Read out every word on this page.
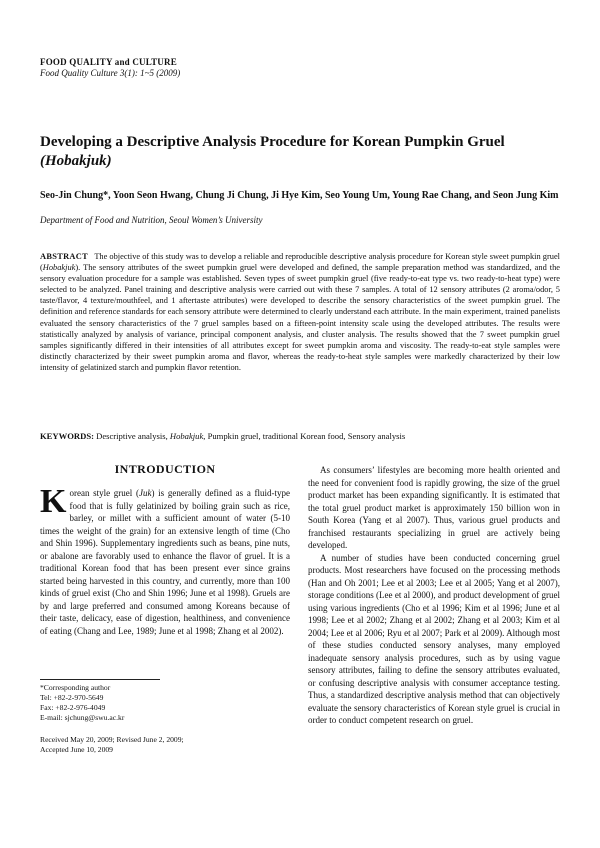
FOOD QUALITY and CULTURE
Food Quality Culture 3(1): 1~5 (2009)
Developing a Descriptive Analysis Procedure for Korean Pumpkin Gruel
(Hobakjuk)
Seo-Jin Chung*, Yoon Seon Hwang, Chung Ji Chung, Ji Hye Kim, Seo Young Um, Young Rae Chang, and Seon Jung Kim
Department of Food and Nutrition, Seoul Women’s University
ABSTRACT The objective of this study was to develop a reliable and reproducible descriptive analysis procedure for Korean style sweet pumpkin gruel (Hobakjuk). The sensory attributes of the sweet pumpkin gruel were developed and defined, the sample preparation method was standardized, and the sensory evaluation procedure for a sample was established. Seven types of sweet pumpkin gruel (five ready-to-eat type vs. two ready-to-heat type) were selected to be analyzed. Panel training and descriptive analysis were carried out with these 7 samples. A total of 12 sensory attributes (2 aroma/odor, 5 taste/flavor, 4 texture/mouthfeel, and 1 aftertaste attributes) were developed to describe the sensory characteristics of the sweet pumpkin gruel. The definition and reference standards for each sensory attribute were determined to clearly understand each attribute. In the main experiment, trained panelists evaluated the sensory characteristics of the 7 gruel samples based on a fifteen-point intensity scale using the developed attributes. The results were statistically analyzed by analysis of variance, principal component analysis, and cluster analysis. The results showed that the 7 sweet pumpkin gruel samples significantly differed in their intensities of all attributes except for sweet pumpkin aroma and viscosity. The ready-to-eat style samples were distinctly characterized by their sweet pumpkin aroma and flavor, whereas the ready-to-heat style samples were markedly characterized by their low intensity of gelatinized starch and pumpkin flavor retention.
KEYWORDS: Descriptive analysis, Hobakjuk, Pumpkin gruel, traditional Korean food, Sensory analysis
INTRODUCTION
Korean style gruel (Juk) is generally defined as a fluid-type food that is fully gelatinized by boiling grain such as rice, barley, or millet with a sufficient amount of water (5-10 times the weight of the grain) for an extensive length of time (Cho and Shin 1996). Supplementary ingredients such as beans, pine nuts, or abalone are favorably used to enhance the flavor of gruel. It is a traditional Korean food that has been present ever since grains started being harvested in this country, and currently, more than 100 kinds of gruel exist (Cho and Shin 1996; June et al 1998). Gruels are by and large preferred and consumed among Koreans because of their taste, delicacy, ease of digestion, healthiness, and convenience of eating (Chang and Lee, 1989; June et al 1998; Zhang et al 2002).
*Corresponding author
Tel: +82-2-970-5649
Fax: +82-2-976-4049
E-mail: sjchung@swu.ac.kr
Received May 20, 2009; Revised June 2, 2009;
Accepted June 10, 2009

As consumers’ lifestyles are becoming more health oriented and the need for convenient food is rapidly growing, the size of the gruel product market has been expanding significantly. It is estimated that the total gruel product market is approximately 150 billion won in South Korea (Yang et al 2007). Thus, various gruel products and franchised restaurants specializing in gruel are actively being developed.

A number of studies have been conducted concerning gruel products. Most researchers have focused on the processing methods (Han and Oh 2001; Lee et al 2003; Lee et al 2005; Yang et al 2007), storage conditions (Lee et al 2000), and product development of gruel using various ingredients (Cho et al 1996; Kim et al 1996; June et al 1998; Lee et al 2002; Zhang et al 2002; Zhang et al 2003; Kim et al 2004; Lee et al 2006; Ryu et al 2007; Park et al 2009). Although most of these studies conducted sensory analyses, many employed inadequate sensory analysis procedures, such as by using vague sensory attributes, failing to define the sensory attributes evaluated, or confusing descriptive analysis with consumer acceptance testing. Thus, a standardized descriptive analysis method that can objectively evaluate the sensory characteristics of Korean style gruel is crucial in order to conduct competent research on gruel.
